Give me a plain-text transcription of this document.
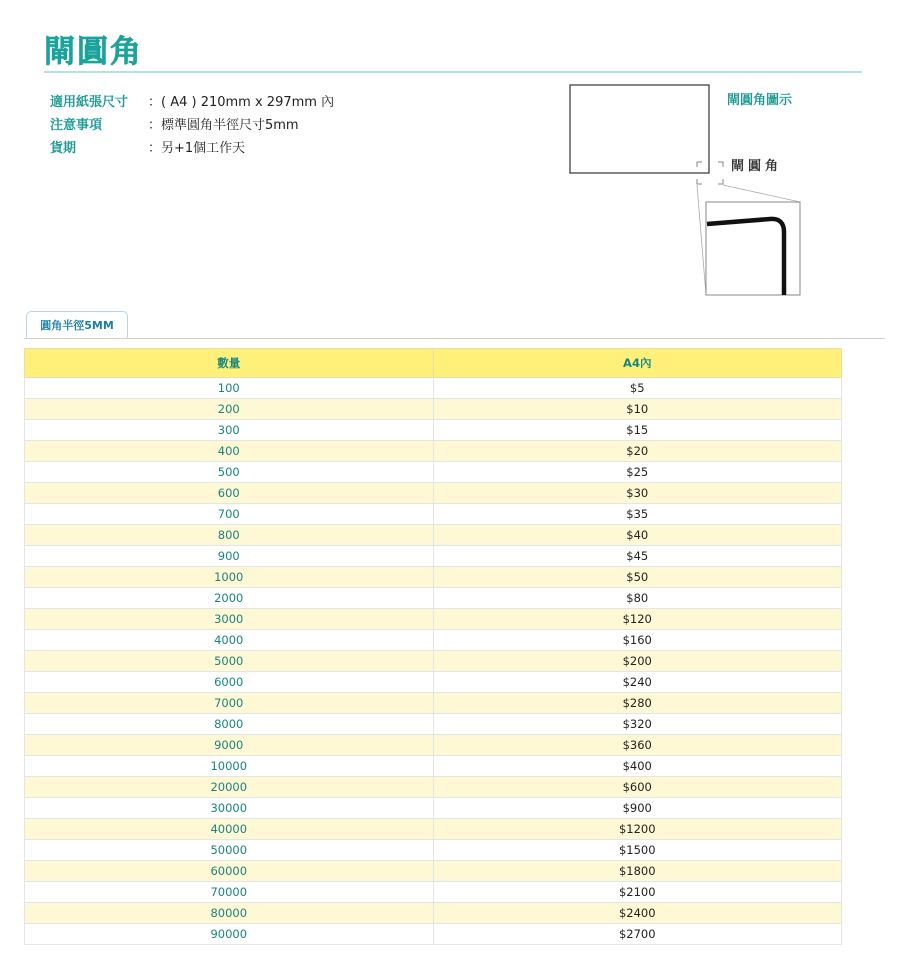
閘圓角
適用紙張尺寸	：( A4 ) 210mm x 297mm 內
注意事項	：標準圓角半徑尺寸5mm
貨期	：另+1個工作天
閘圓角圖示
閘圓角
圓角半徑5MM
數量	A4內
100	$5
200	$10
300	$15
400	$20
500	$25
600	$30
700	$35
800	$40
900	$45
1000	$50
2000	$80
3000	$120
4000	$160
5000	$200
6000	$240
7000	$280
8000	$320
9000	$360
10000	$400
20000	$600
30000	$900
40000	$1200
50000	$1500
60000	$1800
70000	$2100
80000	$2400
90000	$2700
